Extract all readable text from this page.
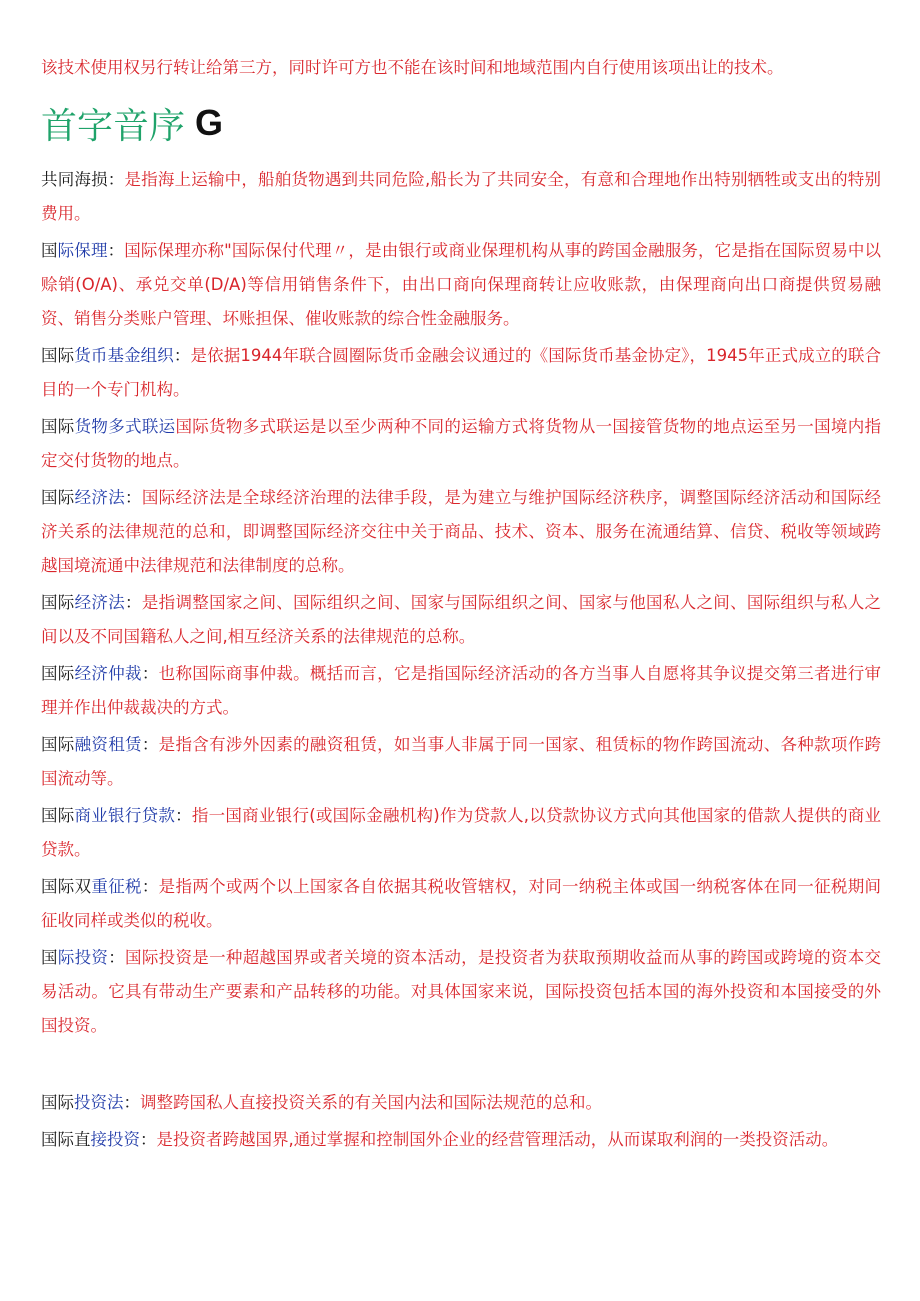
该技术使用权另行转让给第三方，同时许可方也不能在该时间和地域范围内自行使用该项出让的技术。
首字音序 G

共同海损：是指海上运输中，船舶货物遇到共同危险,船长为了共同安全，有意和合理地作出特别牺牲或支出的特别费用。

国际保理：国际保理亦称"国际保付代理〃，是由银行或商业保理机构从事的跨国金融服务，它是指在国际贸易中以赊销(O/A)、承兑交单(D/A)等信用销售条件下，由出口商向保理商转让应收账款，由保理商向出口商提供贸易融资、销售分类账户管理、坏账担保、催收账款的综合性金融服务。

国际货币基金组织：是依据1944年联合圆圈际货币金融会议通过的《国际货币基金协定》，1945年正式成立的联合目的一个专门机构。

国际货物多式联运国际货物多式联运是以至少两种不同的运输方式将货物从一国接管货物的地点运至另一国境内指定交付货物的地点。

国际经济法：国际经济法是全球经济治理的法律手段，是为建立与维护国际经济秩序，调整国际经济活动和国际经济关系的法律规范的总和，即调整国际经济交往中关于商品、技术、资本、服务在流通结算、信贷、税收等领域跨越国境流通中法律规范和法律制度的总称。

国际经济法：是指调整国家之间、国际组织之间、国家与国际组织之间、国家与他国私人之间、国际组织与私人之间以及不同国籍私人之间,相互经济关系的法律规范的总称。

国际经济仲裁：也称国际商事仲裁。概括而言，它是指国际经济活动的各方当事人自愿将其争议提交第三者进行审理并作出仲裁裁决的方式。

国际融资租赁：是指含有涉外因素的融资租赁，如当事人非属于同一国家、租赁标的物作跨国流动、各种款项作跨国流动等。

国际商业银行贷款：指一国商业银行(或国际金融机构)作为贷款人,以贷款协议方式向其他国家的借款人提供的商业贷款。

国际双重征税：是指两个或两个以上国家各自依据其税收管辖权，对同一纳税主体或国一纳税客体在同一征税期间征收同样或类似的税收。

国际投资：国际投资是一种超越国界或者关境的资本活动，是投资者为获取预期收益而从事的跨国或跨境的资本交易活动。它具有带动生产要素和产品转移的功能。对具体国家来说，国际投资包括本国的海外投资和本国接受的外国投资。

国际投资法：调整跨国私人直接投资关系的有关国内法和国际法规范的总和。

国际直接投资：是投资者跨越国界,通过掌握和控制国外企业的经营管理活动，从而谋取利润的一类投资活动。
